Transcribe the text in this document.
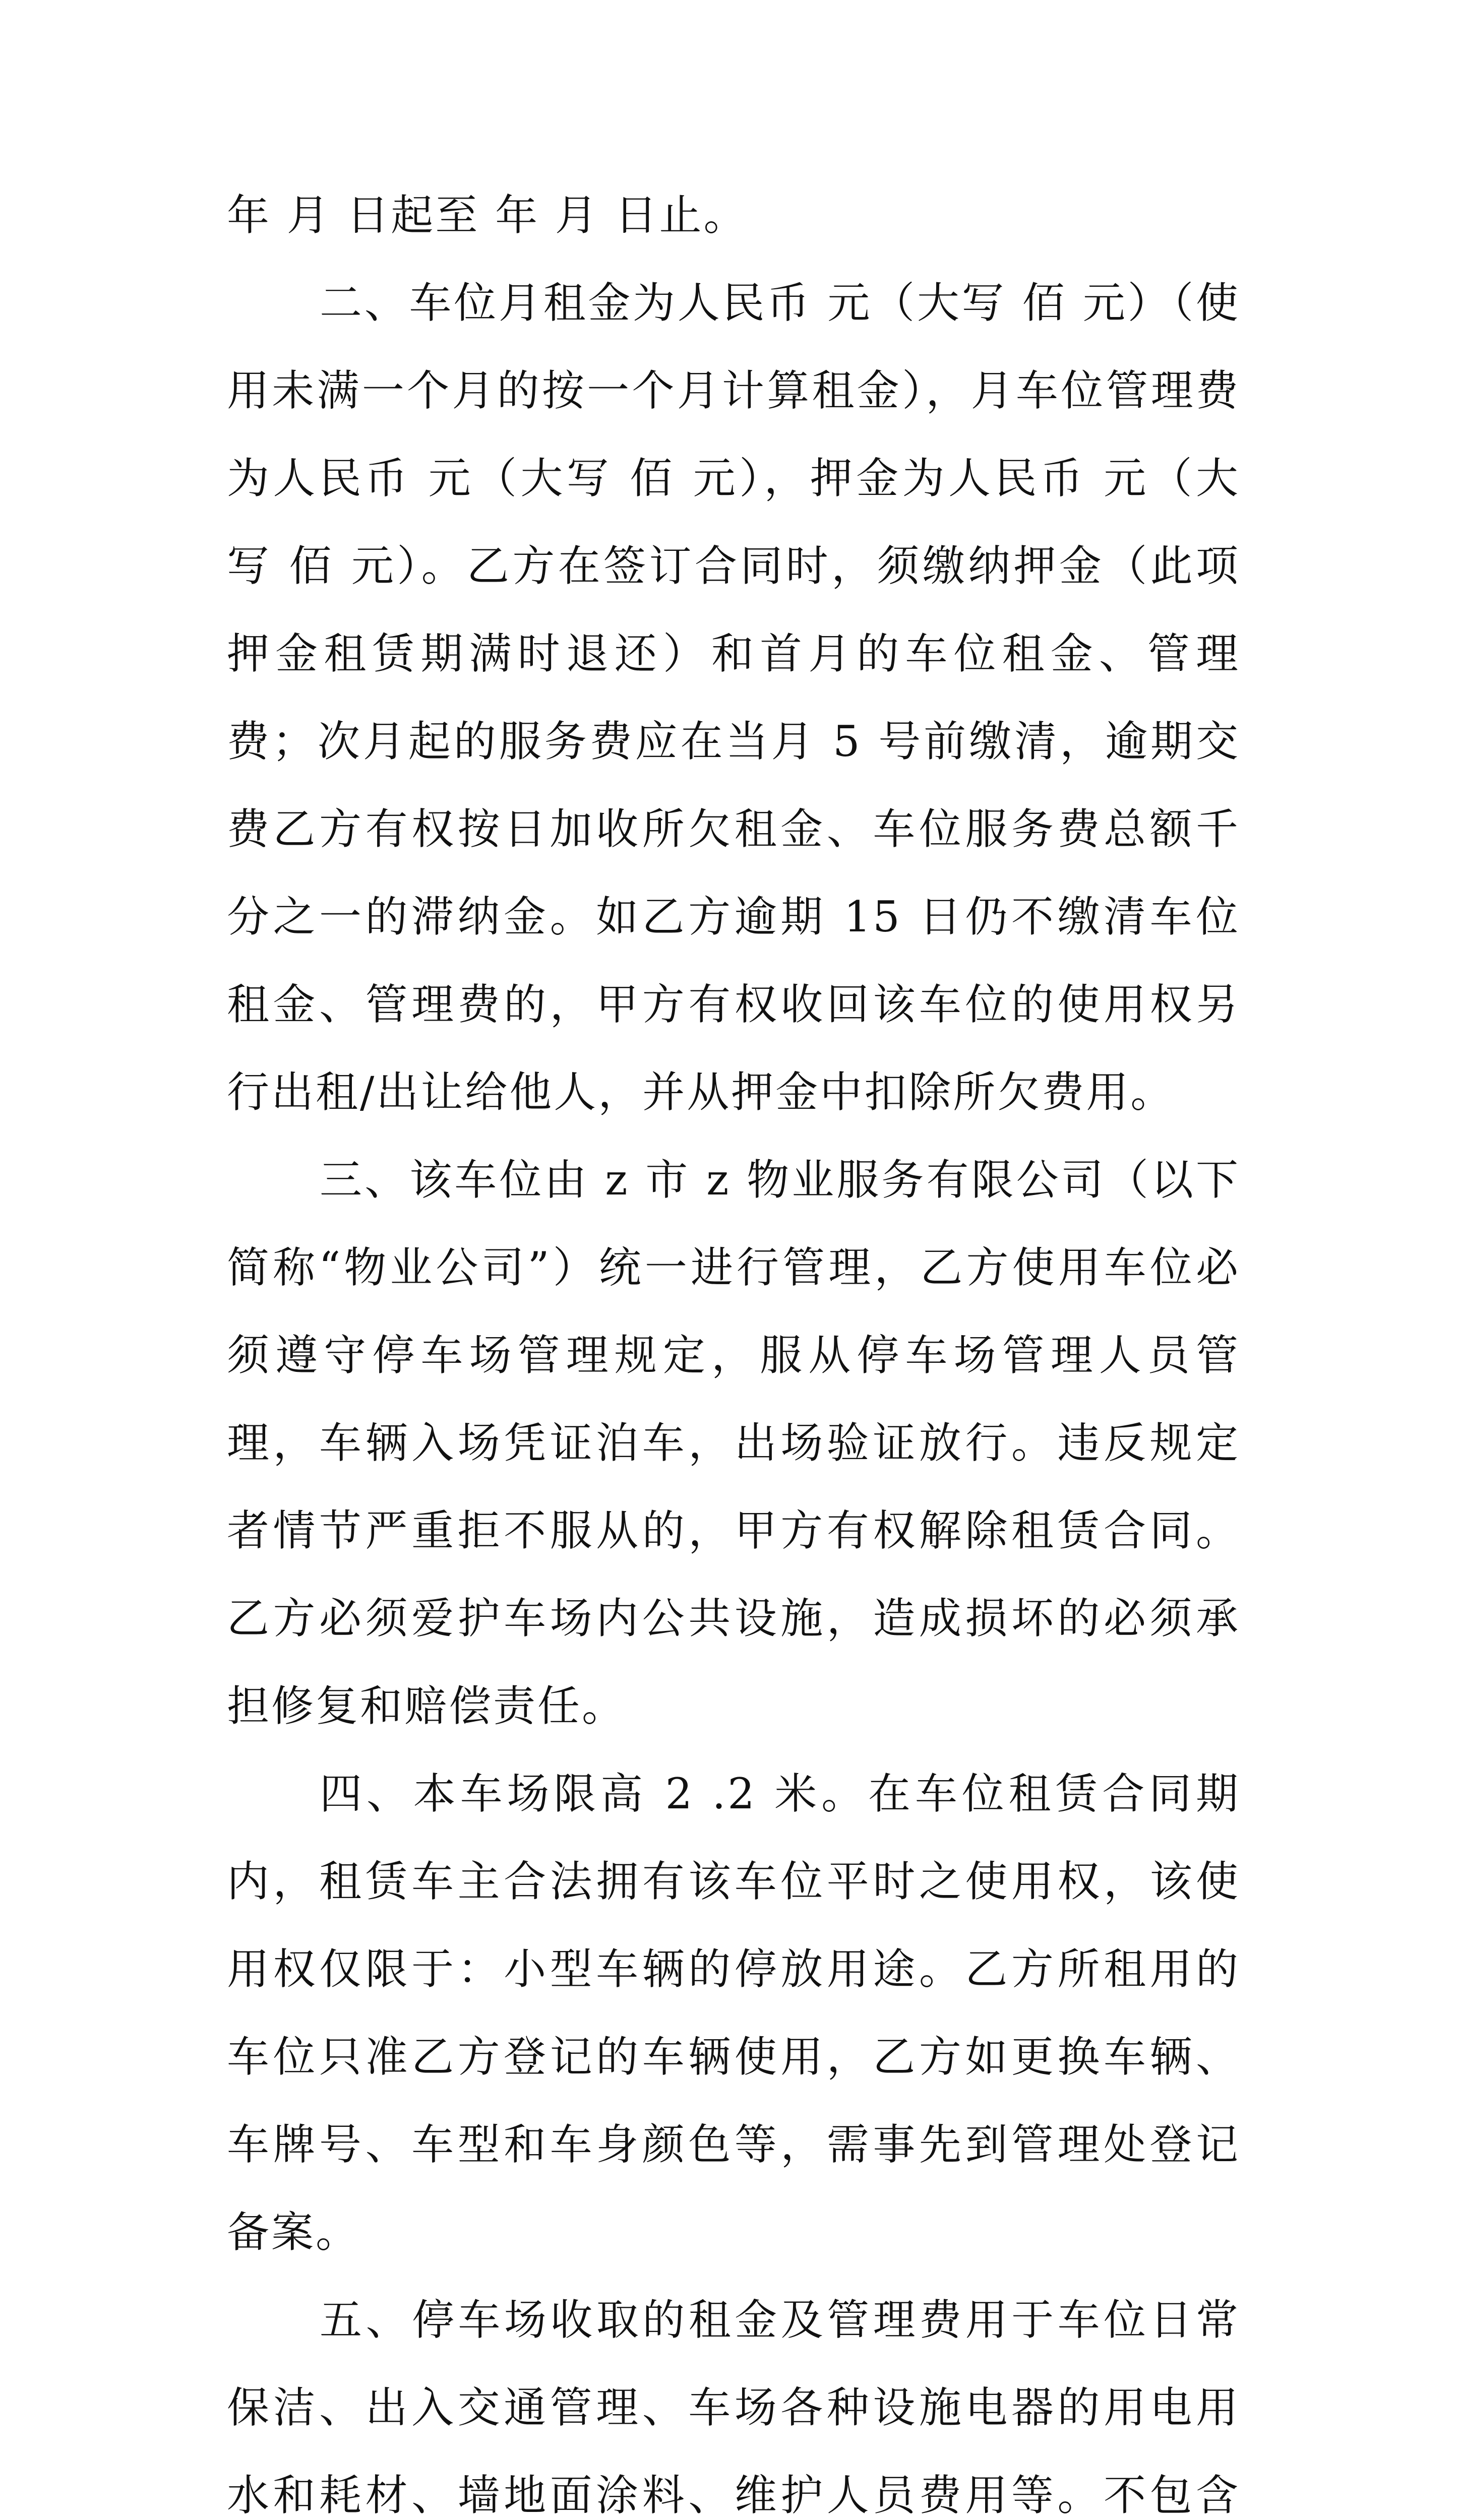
年 月 日起至 年 月 日止。

二、车位月租金为人民币 元（大写 佰 元）（使用未满一个月的按一个月计算租金），月车位管理费为人民币 元（大写 佰 元），押金为人民币 元（大写 佰 元）。乙方在签订合同时，须缴纳押金（此项押金租赁期满时退还）和首月的车位租金、管理费；次月起的服务费应在当月 5 号前缴清，逾期交费乙方有权按日加收所欠租金、车位服务费总额千分之一的滞纳金。如乙方逾期 15 日仍不缴清车位租金、管理费的，甲方有权收回该车位的使用权另行出租/出让给他人，并从押金中扣除所欠费用。

三、该车位由 z 市 z 物业服务有限公司（以下简称“物业公司”）统一进行管理，乙方使用车位必须遵守停车场管理规定，服从停车场管理人员管理，车辆入场凭证泊车，出场验证放行。违反规定者情节严重拒不服从的，甲方有权解除租赁合同。乙方必须爱护车场内公共设施，造成损坏的必须承担修复和赔偿责任。

四、本车场限高 2 .2 米。在车位租赁合同期内，租赁车主合法拥有该车位平时之使用权，该使用权仅限于：小型车辆的停放用途。乙方所租用的车位只准乙方登记的车辆使用，乙方如更换车辆、车牌号、车型和车身颜色等，需事先到管理处登记备案。

五、停车场收取的租金及管理费用于车位日常保洁、出入交通管理、车场各种设施电器的用电用水和耗材、墙地面涂料、维护人员费用等。不包含
